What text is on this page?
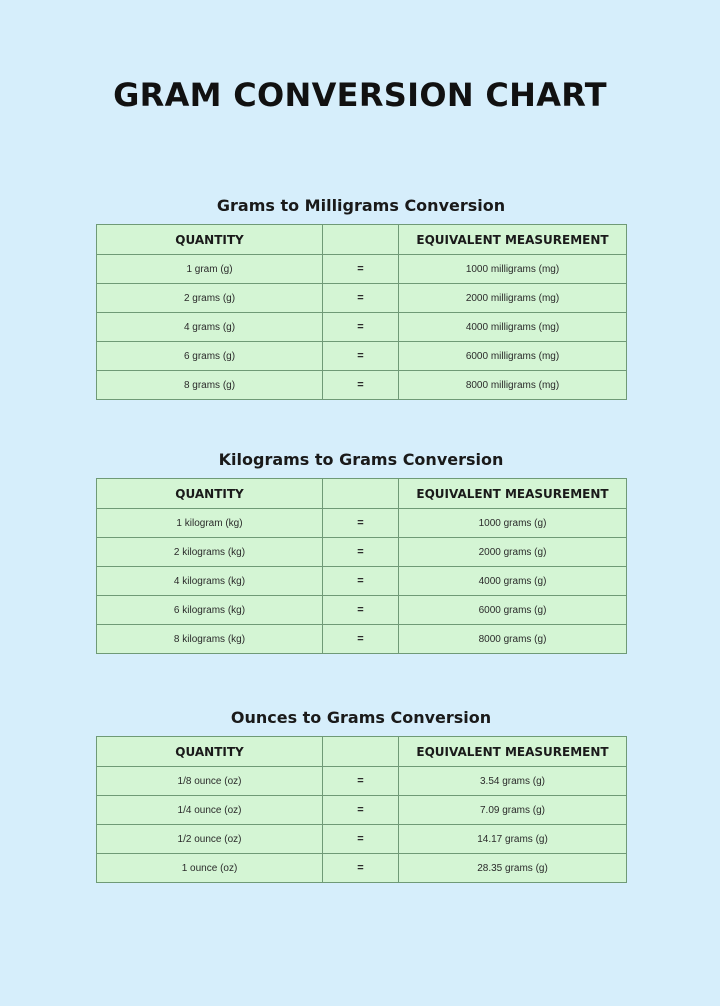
GRAM CONVERSION CHART
Grams to Milligrams Conversion
QUANTITY		EQUIVALENT MEASUREMENT
1 gram (g)	=	1000 milligrams (mg)
2 grams (g)	=	2000 milligrams (mg)
4 grams (g)	=	4000 milligrams (mg)
6 grams (g)	=	6000 milligrams (mg)
8 grams (g)	=	8000 milligrams (mg)
Kilograms to Grams Conversion
QUANTITY		EQUIVALENT MEASUREMENT
1 kilogram (kg)	=	1000 grams (g)
2 kilograms (kg)	=	2000 grams (g)
4 kilograms (kg)	=	4000 grams (g)
6 kilograms (kg)	=	6000 grams (g)
8 kilograms (kg)	=	8000 grams (g)
Ounces to Grams Conversion
QUANTITY		EQUIVALENT MEASUREMENT
1/8 ounce (oz)	=	3.54 grams (g)
1/4 ounce (oz)	=	7.09 grams (g)
1/2 ounce (oz)	=	14.17 grams (g)
1 ounce (oz)	=	28.35 grams (g)
